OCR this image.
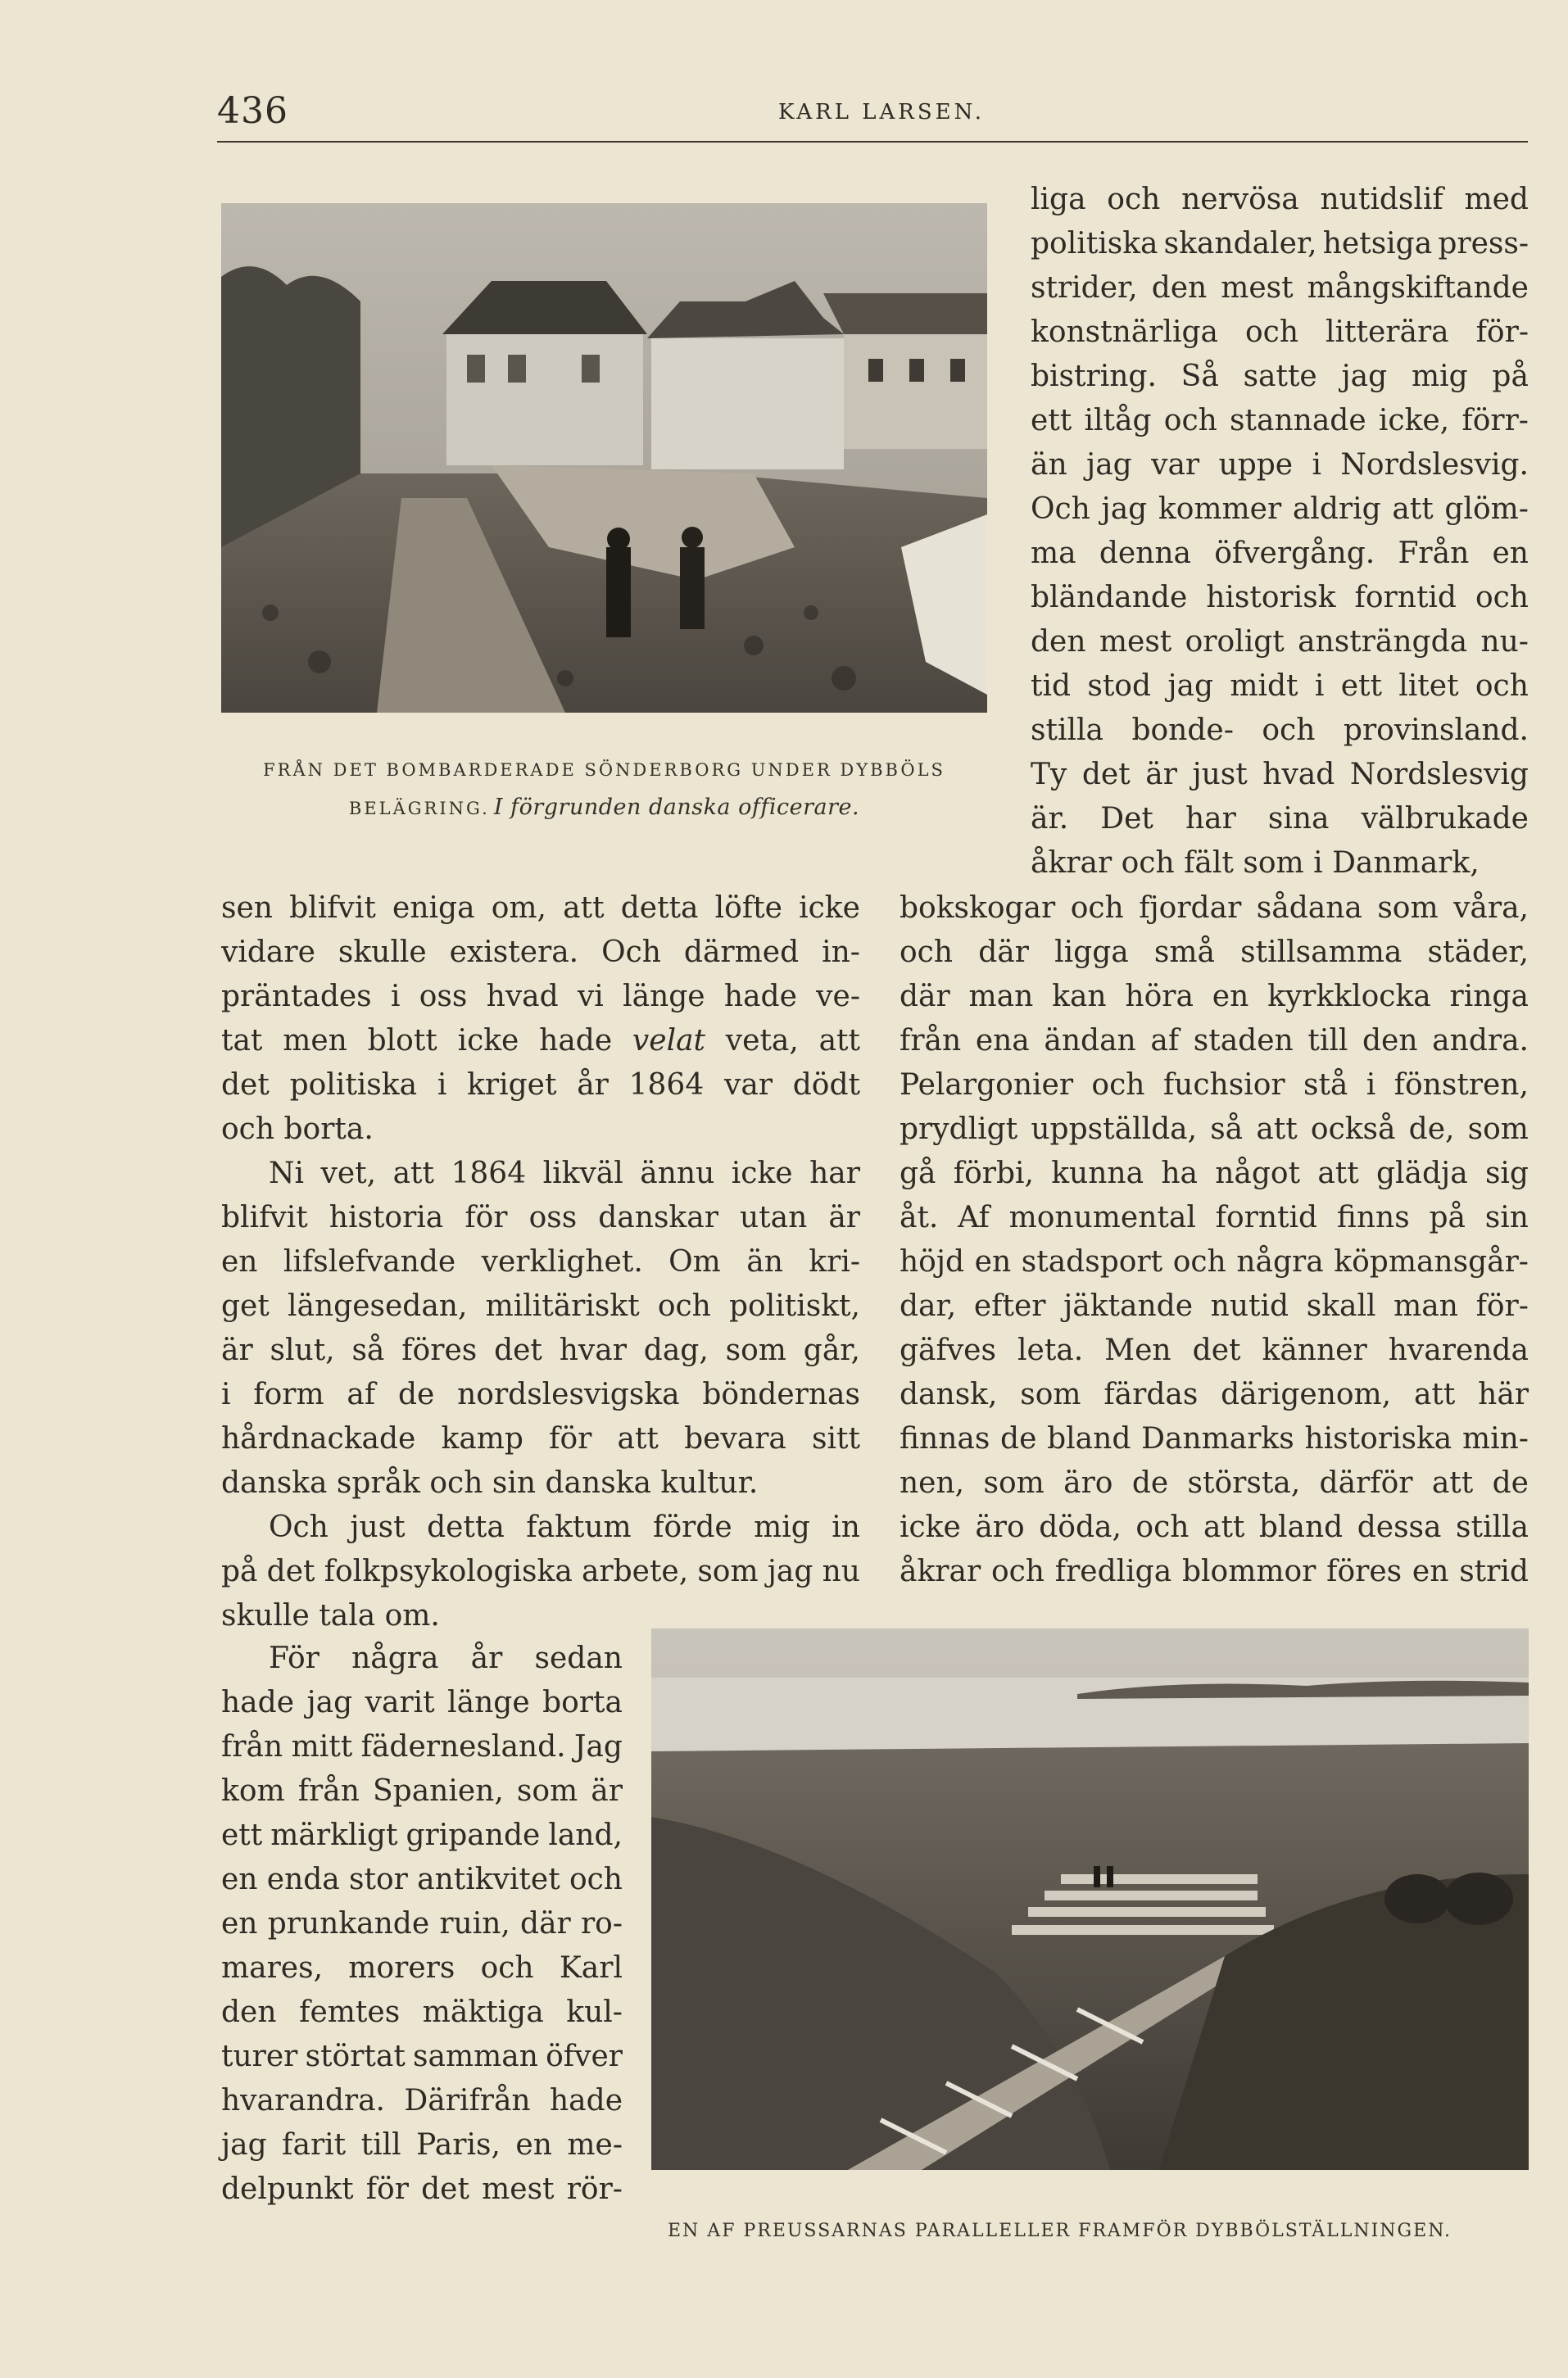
436	KARL LARSEN.
FRÅN DET BOMBARDERADE SÖNDERBORG UNDER DYBBÖLS
BELÄGRING. I förgrunden danska officerare.
liga och nervösa nutidslif med
politiska skandaler, hetsiga press-
strider, den mest mångskiftande
konstnärliga och litterära för-
bistring. Så satte jag mig på
ett iltåg och stannade icke, förr-
än jag var uppe i Nordslesvig.
Och jag kommer aldrig att glöm-
ma denna öfvergång. Från en
bländande historisk forntid och
den mest oroligt ansträngda nu-
tid stod jag midt i ett litet och
stilla bonde- och provinsland.
Ty det är just hvad Nordslesvig
är. Det har sina välbrukade
åkrar
och
fält
som
i
Danmark,
sen blifvit eniga om, att detta löfte icke
vidare skulle existera. Och därmed in-
präntades i oss hvad vi länge hade ve-
tat men blott icke hade velat veta, att
det politiska i kriget år 1864 var dödt
och
borta.
Ni vet, att 1864 likväl ännu icke har
blifvit historia för oss danskar utan är
en lifslefvande verklighet. Om än kri-
get längesedan, militäriskt och politiskt,
är slut, så föres det hvar dag, som går,
i form af de nordslesvigska böndernas
hårdnackade kamp för att bevara sitt
danska
språk
och
sin
danska
kultur.
Och just detta faktum förde mig in
på det folkpsykologiska arbete, som jag nu
skulle
tala
om.
bokskogar och fjordar sådana som våra,
och där ligga små stillsamma städer,
där man kan höra en kyrkklocka ringa
från ena ändan af staden till den andra.
Pelargonier och fuchsior stå i fönstren,
prydligt uppställda, så att också de, som
gå förbi, kunna ha något att glädja sig
åt. Af monumental forntid finns på sin
höjd en stadsport och några köpmansgår-
dar, efter jäktande nutid skall man för-
gäfves leta. Men det känner hvarenda
dansk, som färdas därigenom, att här
finnas de bland Danmarks historiska min-
nen, som äro de största, därför att de
icke äro döda, och att bland dessa stilla
åkrar och fredliga blommor föres en strid
För några år sedan
hade jag varit länge borta
från mitt fädernesland. Jag
kom från Spanien, som är
ett märkligt gripande land,
en enda stor antikvitet och
en prunkande ruin, där ro-
mares, morers och Karl
den femtes mäktiga kul-
turer störtat samman öfver
hvarandra. Därifrån hade
jag farit till Paris, en me-
delpunkt för det mest rör-
EN AF PREUSSARNAS PARALLELLER FRAMFÖR DYBBÖLSTÄLLNINGEN.
